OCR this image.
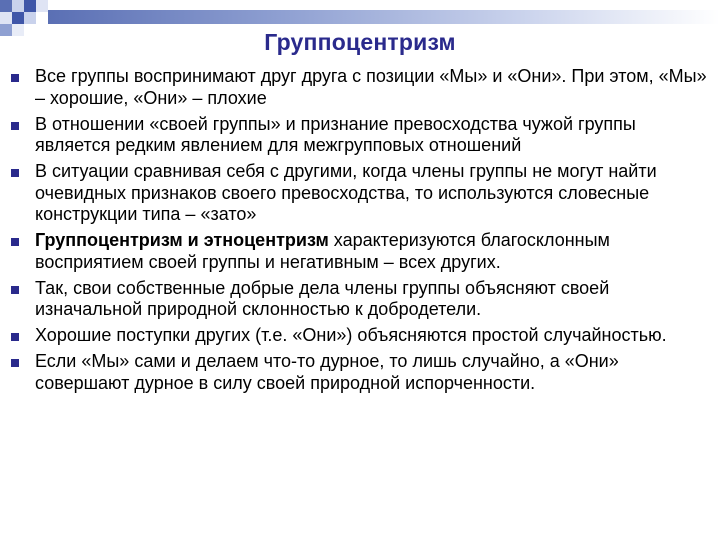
Группоцентризм
Все группы воспринимают друг друга с позиции «Мы» и «Они». При этом, «Мы» – хорошие, «Они» – плохие
В отношении «своей группы» и признание превосходства чужой группы является редким явлением для межгрупповых отношений
В ситуации сравнивая себя с другими, когда члены группы не могут найти очевидных признаков своего превосходства, то используются словесные конструкции типа – «зато»
Группоцентризм и этноцентризм характеризуются благосклонным восприятием своей группы и негативным – всех других.
Так, свои собственные добрые дела члены группы объясняют своей изначальной природной склонностью к добродетели.
Хорошие поступки других (т.е. «Они») объясняются простой случайностью.
Если «Мы» сами и делаем что-то дурное, то лишь случайно, а «Они» совершают дурное в силу своей природной испорченности.
